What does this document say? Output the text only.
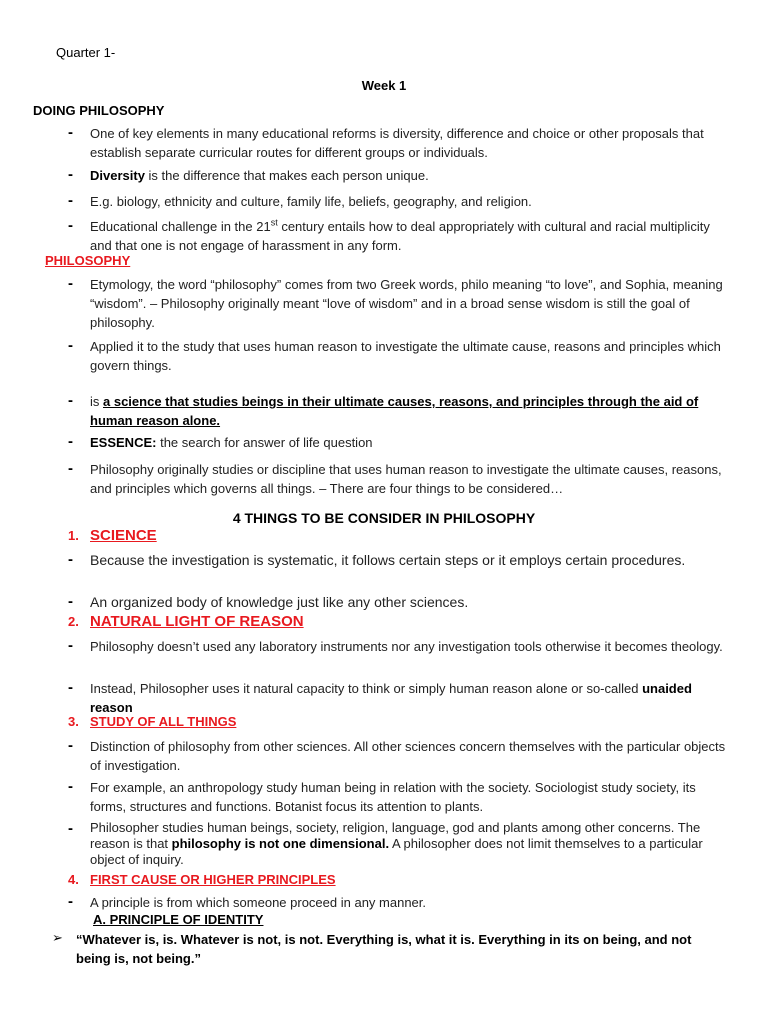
Quarter 1-
Week 1
DOING PHILOSOPHY
- One of key elements in many educational reforms is diversity, difference and choice or other proposals that establish separate curricular routes for different groups or individuals.
- Diversity is the difference that makes each person unique.
- E.g. biology, ethnicity and culture, family life, beliefs, geography, and religion.
- Educational challenge in the 21st century entails how to deal appropriately with cultural and racial multiplicity and that one is not engage of harassment in any form.
PHILOSOPHY
- Etymology, the word “philosophy” comes from two Greek words, philo meaning “to love”, and Sophia, meaning “wisdom”. – Philosophy originally meant “love of wisdom” and in a broad sense wisdom is still the goal of philosophy.
- Applied it to the study that uses human reason to investigate the ultimate cause, reasons and principles which govern things.
- is a science that studies beings in their ultimate causes, reasons, and principles through the aid of human reason alone.
- ESSENCE: the search for answer of life question
- Philosophy originally studies or discipline that uses human reason to investigate the ultimate causes, reasons, and principles which governs all things. – There are four things to be considered…
4 THINGS TO BE CONSIDER IN PHILOSOPHY
1. SCIENCE
- Because the investigation is systematic, it follows certain steps or it employs certain procedures.
- An organized body of knowledge just like any other sciences.
2. NATURAL LIGHT OF REASON
- Philosophy doesn’t used any laboratory instruments nor any investigation tools otherwise it becomes theology.
- Instead, Philosopher uses it natural capacity to think or simply human reason alone or so-called unaided reason
3. STUDY OF ALL THINGS
- Distinction of philosophy from other sciences. All other sciences concern themselves with the particular objects of investigation.
- For example, an anthropology study human being in relation with the society. Sociologist study society, its forms, structures and functions. Botanist focus its attention to plants.
- Philosopher studies human beings, society, religion, language, god and plants among other concerns. The reason is that philosophy is not one dimensional. A philosopher does not limit themselves to a particular object of inquiry.
4. FIRST CAUSE OR HIGHER PRINCIPLES
- A principle is from which someone proceed in any manner.
A. PRINCIPLE OF IDENTITY
➢ “Whatever is, is. Whatever is not, is not. Everything is, what it is. Everything in its on being, and not being is, not being.”
